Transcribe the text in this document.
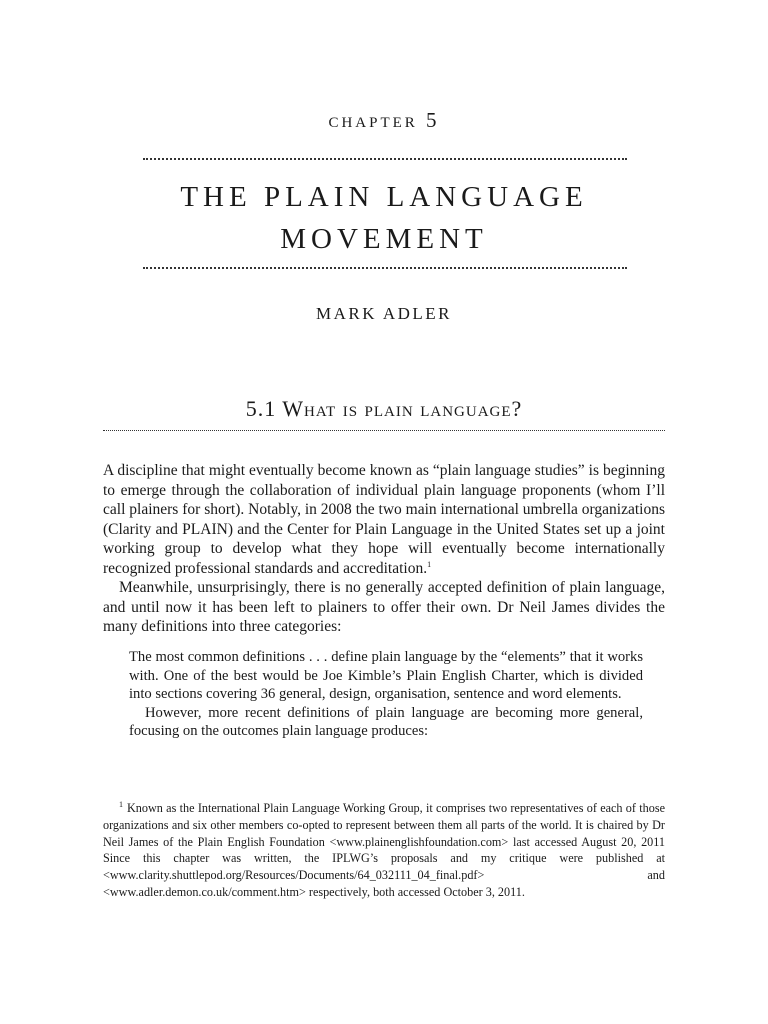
chapter 5
THE PLAIN LANGUAGE MOVEMENT
MARK ADLER
5.1 What is plain language?

A discipline that might eventually become known as “plain language studies” is beginning to emerge through the collaboration of individual plain language proponents (whom I’ll call plainers for short). Notably, in 2008 the two main international umbrella organizations (Clarity and PLAIN) and the Center for Plain Language in the United States set up a joint working group to develop what they hope will eventually become internationally recognized professional standards and accreditation.$^1$

Meanwhile, unsurprisingly, there is no generally accepted definition of plain language, and until now it has been left to plainers to offer their own. Dr Neil James divides the many definitions into three categories:

The most common definitions . . . define plain language by the “elements” that it works with. One of the best would be Joe Kimble’s Plain English Charter, which is divided into sections covering 36 general, design, organisation, sentence and word elements.

However, more recent definitions of plain language are becoming more general, focusing on the outcomes plain language produces:

$^1$ Known as the International Plain Language Working Group, it comprises two representatives of each of those organizations and six other members co-opted to represent between them all parts of the world. It is chaired by Dr Neil James of the Plain English Foundation <www.plainenglishfoundation.com> last accessed August 20, 2011 Since this chapter was written, the IPLWG’s proposals and my critique were published at <www.clarity.shuttlepod.org/Resources/Documents/64_032111_04_final.pdf> and <www.adler.demon.co.uk/comment.htm> respectively, both accessed October 3, 2011.
